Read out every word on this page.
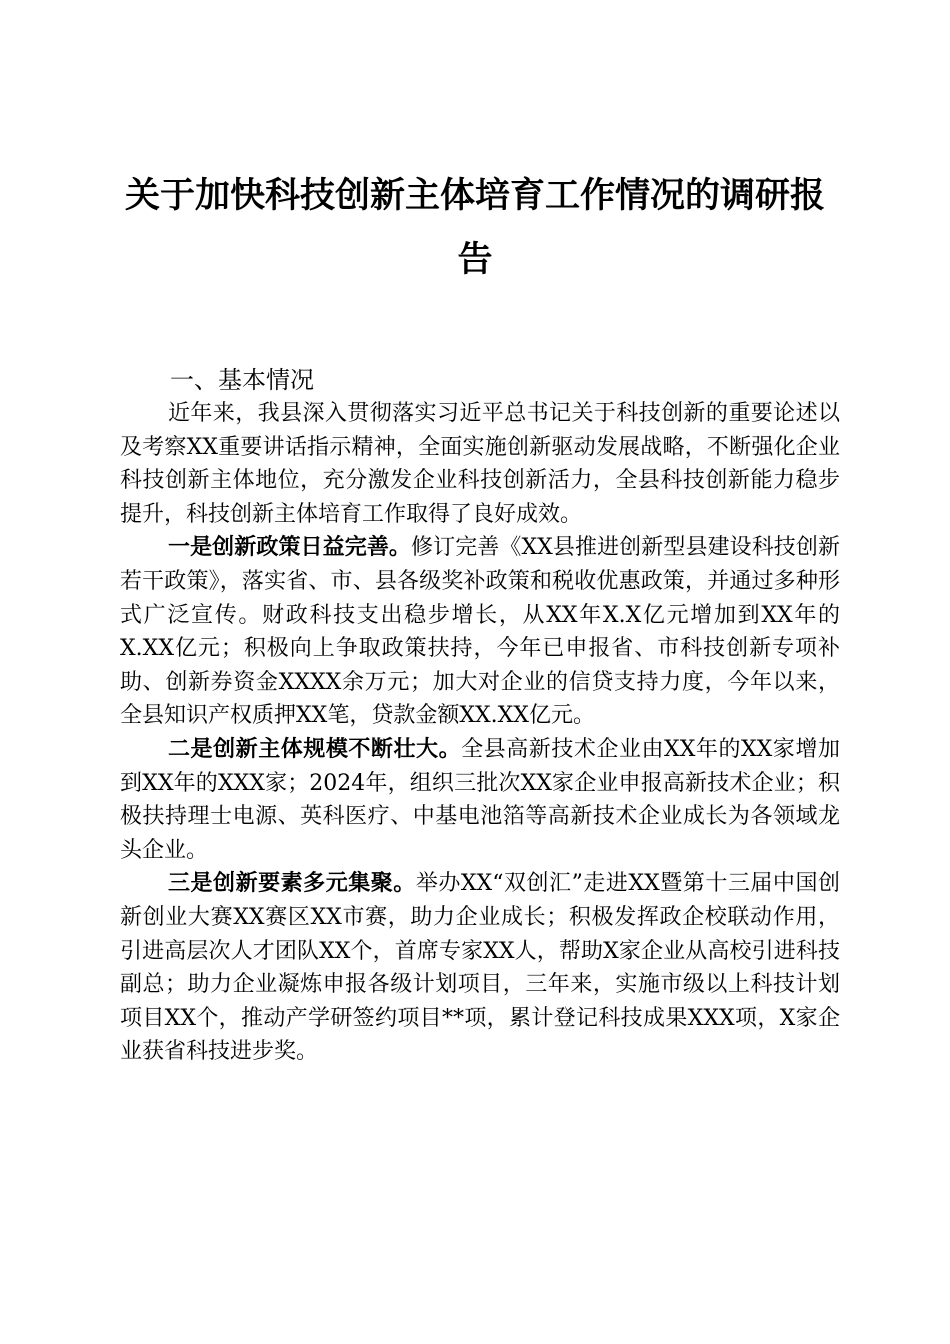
关于加快科技创新主体培育工作情况的调研报告
一、基本情况

近年来，我县深入贯彻落实习近平总书记关于科技创新的重要论述以及考察XX重要讲话指示精神，全面实施创新驱动发展战略，不断强化企业科技创新主体地位，充分激发企业科技创新活力，全县科技创新能力稳步提升，科技创新主体培育工作取得了良好成效。

一是创新政策日益完善。修订完善《XX县推进创新型县建设科技创新若干政策》，落实省、市、县各级奖补政策和税收优惠政策，并通过多种形式广泛宣传。财政科技支出稳步增长，从XX年X.X亿元增加到XX年的X.XX亿元；积极向上争取政策扶持，今年已申报省、市科技创新专项补助、创新券资金XXXX余万元；加大对企业的信贷支持力度，今年以来，全县知识产权质押XX笔，贷款金额XX.XX亿元。

二是创新主体规模不断壮大。全县高新技术企业由XX年的XX家增加到XX年的XXX家；2024年，组织三批次XX家企业申报高新技术企业；积极扶持理士电源、英科医疗、中基电池箔等高新技术企业成长为各领域龙头企业。

三是创新要素多元集聚。举办XX“双创汇”走进XX暨第十三届中国创新创业大赛XX赛区XX市赛，助力企业成长；积极发挥政企校联动作用，引进高层次人才团队XX个，首席专家XX人，帮助X家企业从高校引进科技副总；助力企业凝炼申报各级计划项目，三年来，实施市级以上科技计划项目XX个，推动产学研签约项目**项，累计登记科技成果XXX项，X家企业获省科技进步奖。
